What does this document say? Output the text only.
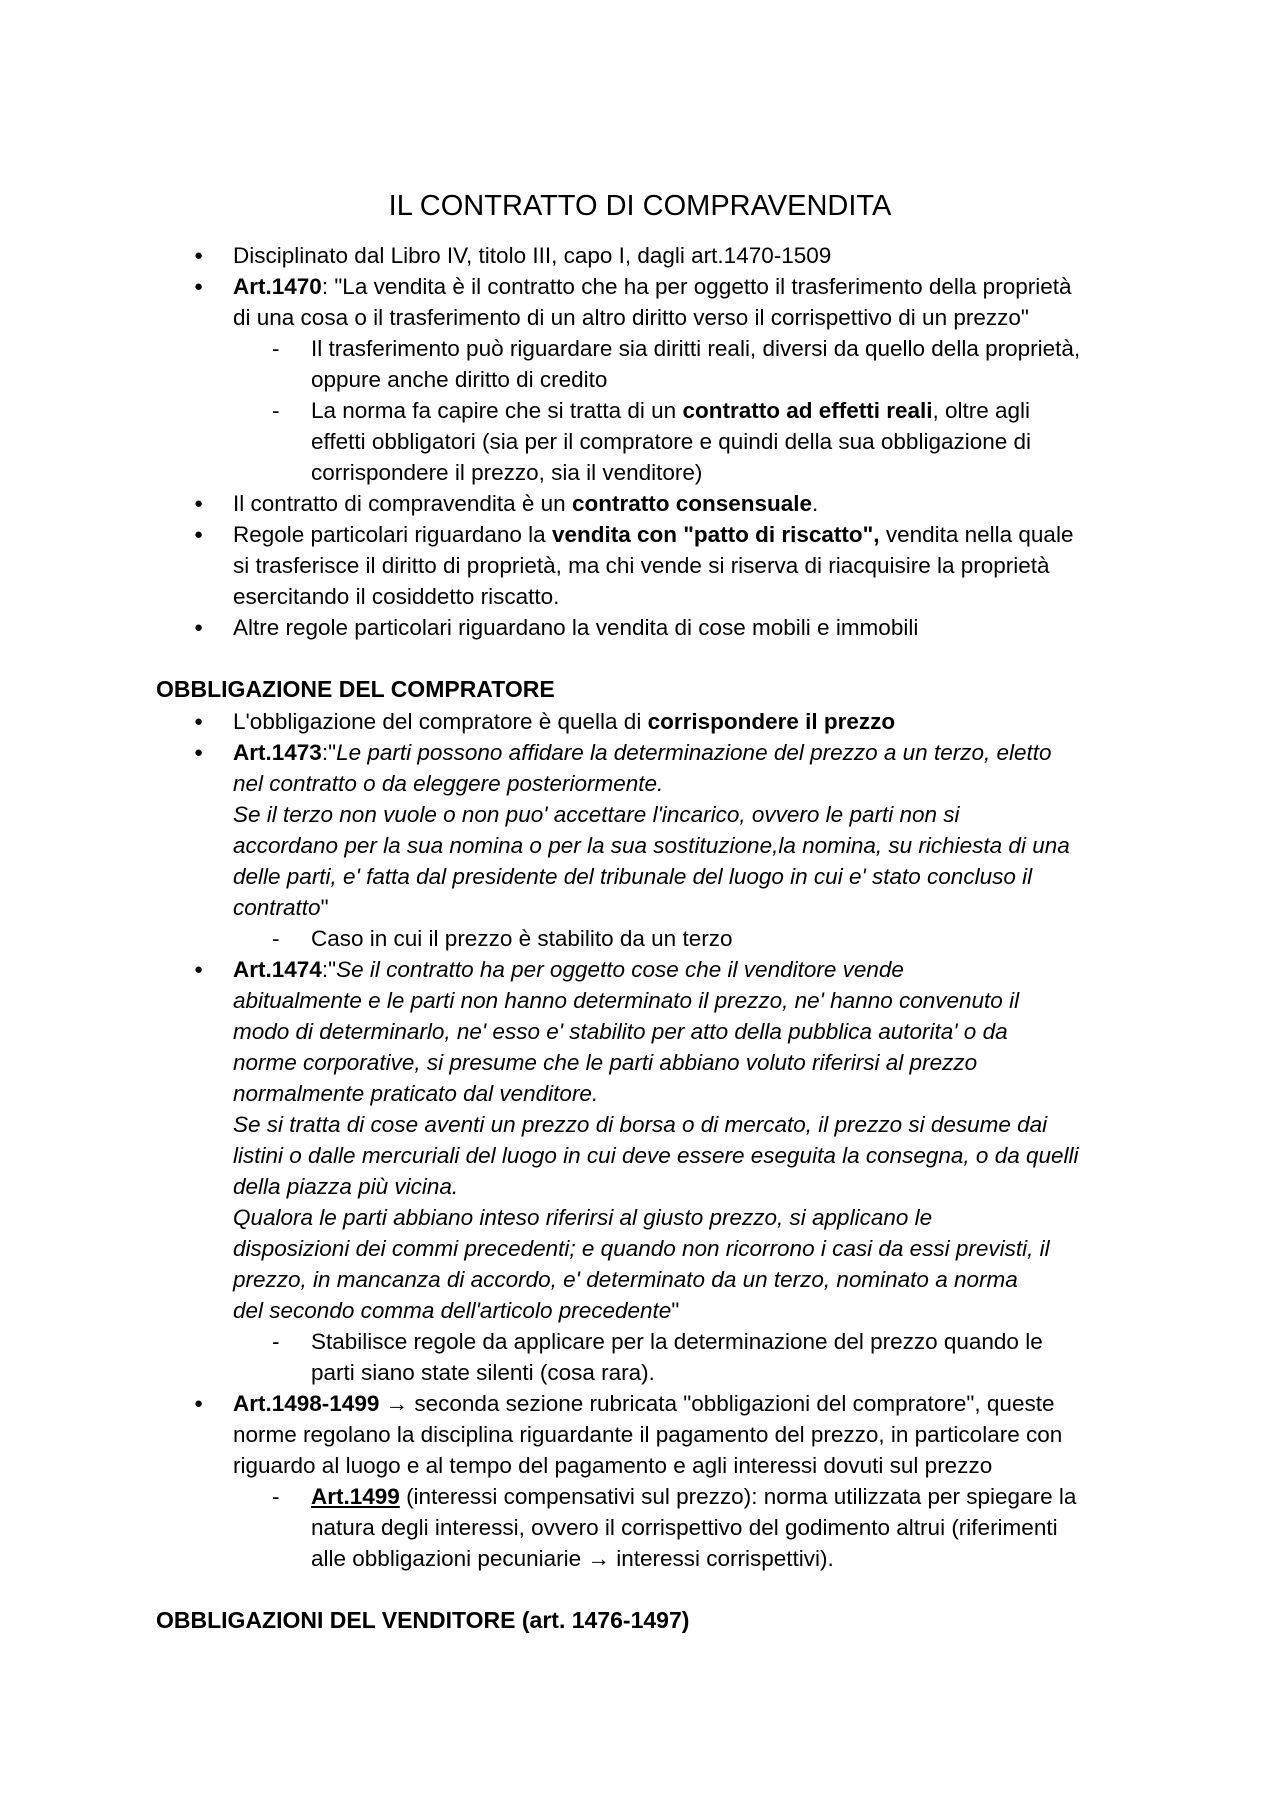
IL CONTRATTO DI COMPRAVENDITA
●	Disciplinato dal Libro IV, titolo III, capo I, dagli art.1470-1509
●	Art.1470: "La vendita è il contratto che ha per oggetto il trasferimento della proprietà
di una cosa o il trasferimento di un altro diritto verso il corrispettivo di un prezzo"
-	Il trasferimento può riguardare sia diritti reali, diversi da quello della proprietà,
oppure anche diritto di credito
-	La norma fa capire che si tratta di un contratto ad effetti reali, oltre agli
effetti obbligatori (sia per il compratore e quindi della sua obbligazione di
corrispondere il prezzo, sia il venditore)
●	Il contratto di compravendita è un contratto consensuale.
●	Regole particolari riguardano la vendita con "patto di riscatto", vendita nella quale
si trasferisce il diritto di proprietà, ma chi vende si riserva di riacquisire la proprietà
esercitando il cosiddetto riscatto.
●	Altre regole particolari riguardano la vendita di cose mobili e immobili
OBBLIGAZIONE DEL COMPRATORE
●	L'obbligazione del compratore è quella di corrispondere il prezzo
●	Art.1473:"Le parti possono affidare la determinazione del prezzo a un terzo, eletto
nel contratto o da eleggere posteriormente.
Se il terzo non vuole o non puo' accettare l'incarico, ovvero le parti non si
accordano per la sua nomina o per la sua sostituzione,la nomina, su richiesta di una
delle parti, e' fatta dal presidente del tribunale del luogo in cui e' stato concluso il
contratto"
-	Caso in cui il prezzo è stabilito da un terzo
●	Art.1474:"Se il contratto ha per oggetto cose che il venditore vende
abitualmente e le parti non hanno determinato il prezzo, ne' hanno convenuto il
modo di determinarlo, ne' esso e' stabilito per atto della pubblica autorita' o da
norme corporative, si presume che le parti abbiano voluto riferirsi al prezzo
normalmente praticato dal venditore.
Se si tratta di cose aventi un prezzo di borsa o di mercato, il prezzo si desume dai
listini o dalle mercuriali del luogo in cui deve essere eseguita la consegna, o da quelli
della piazza più vicina.
Qualora le parti abbiano inteso riferirsi al giusto prezzo, si applicano le
disposizioni dei commi precedenti; e quando non ricorrono i casi da essi previsti, il
prezzo, in mancanza di accordo, e' determinato da un terzo, nominato a norma
del secondo comma dell'articolo precedente"
-	Stabilisce regole da applicare per la determinazione del prezzo quando le
parti siano state silenti (cosa rara).
●	Art.1498-1499 → seconda sezione rubricata "obbligazioni del compratore", queste
norme regolano la disciplina riguardante il pagamento del prezzo, in particolare con
riguardo al luogo e al tempo del pagamento e agli interessi dovuti sul prezzo
-	Art.1499 (interessi compensativi sul prezzo): norma utilizzata per spiegare la
natura degli interessi, ovvero il corrispettivo del godimento altrui (riferimenti
alle obbligazioni pecuniarie → interessi corrispettivi).
OBBLIGAZIONI DEL VENDITORE (art. 1476-1497)
